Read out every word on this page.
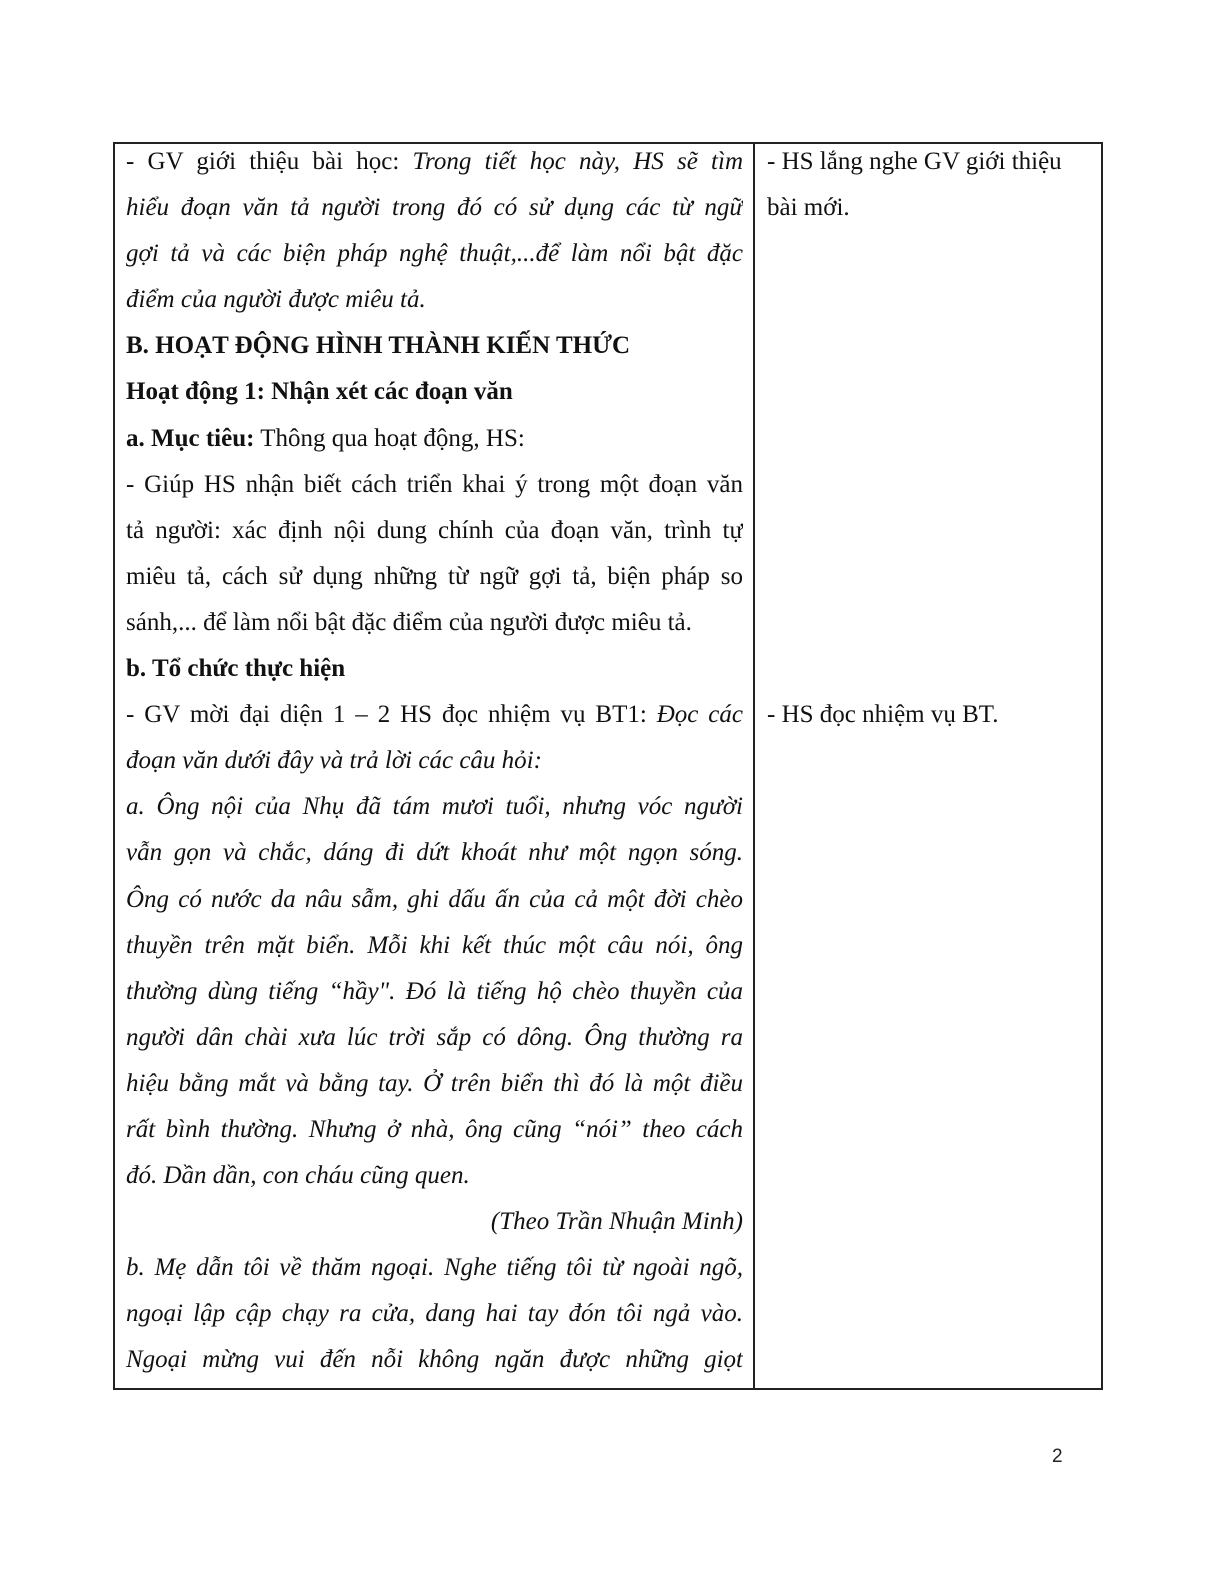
- GV giới thiệu bài học: Trong tiết học này, HS sẽ tìm
hiểu đoạn văn tả người trong đó có sử dụng các từ ngữ
gợi tả và các biện pháp nghệ thuật,...để làm nổi bật đặc
điểm của người được miêu tả.
B. HOẠT ĐỘNG HÌNH THÀNH KIẾN THỨC
Hoạt động 1: Nhận xét các đoạn văn
a. Mục tiêu: Thông qua hoạt động, HS:
- Giúp HS nhận biết cách triển khai ý trong một đoạn văn
tả người: xác định nội dung chính của đoạn văn, trình tự
miêu tả, cách sử dụng những từ ngữ gợi tả, biện pháp so
sánh,... để làm nổi bật đặc điểm của người được miêu tả.
b. Tổ chức thực hiện
- GV mời đại diện 1 – 2 HS đọc nhiệm vụ BT1: Đọc các
đoạn văn dưới đây và trả lời các câu hỏi:
a. Ông nội của Nhụ đã tám mươi tuổi, nhưng vóc người
vẫn gọn và chắc, dáng đi dứt khoát như một ngọn sóng.
Ông có nước da nâu sẫm, ghi dấu ấn của cả một đời chèo
thuyền trên mặt biển. Mỗi khi kết thúc một câu nói, ông
thường dùng tiếng “hầy". Đó là tiếng hộ chèo thuyền của
người dân chài xưa lúc trời sắp có dông. Ông thường ra
hiệu bằng mắt và bằng tay. Ở trên biển thì đó là một điều
rất bình thường. Nhưng ở nhà, ông cũng “nói” theo cách
đó. Dần dần, con cháu cũng quen.
(Theo Trần Nhuận Minh)
b. Mẹ dẫn tôi về thăm ngoại. Nghe tiếng tôi từ ngoài ngõ,
ngoại lập cập chạy ra cửa, dang hai tay đón tôi ngả vào.
Ngoại mừng vui đến nỗi không ngăn được những giọt
- HS lắng nghe GV giới thiệu
bài mới.
- HS đọc nhiệm vụ BT.
2
